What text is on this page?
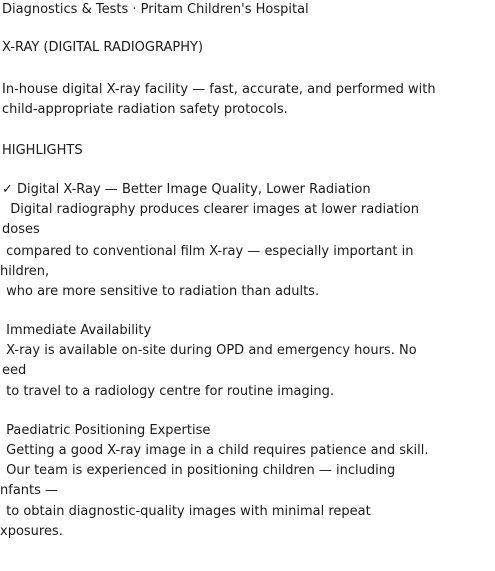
Diagnostics & Tests · Pritam Children's Hospital
X-RAY (DIGITAL RADIOGRAPHY)
In-house digital X-ray facility — fast, accurate, and performed with
child-appropriate radiation safety protocols.
HIGHLIGHTS
✓ Digital X-Ray — Better Image Quality, Lower Radiation
Digital radiography produces clearer images at lower radiation
doses
compared to conventional film X-ray — especially important in
hildren,
who are more sensitive to radiation than adults.
Immediate Availability
X-ray is available on-site during OPD and emergency hours. No
eed
to travel to a radiology centre for routine imaging.
Paediatric Positioning Expertise
Getting a good X-ray image in a child requires patience and skill.
Our team is experienced in positioning children — including
nfants —
to obtain diagnostic-quality images with minimal repeat
xposures.
